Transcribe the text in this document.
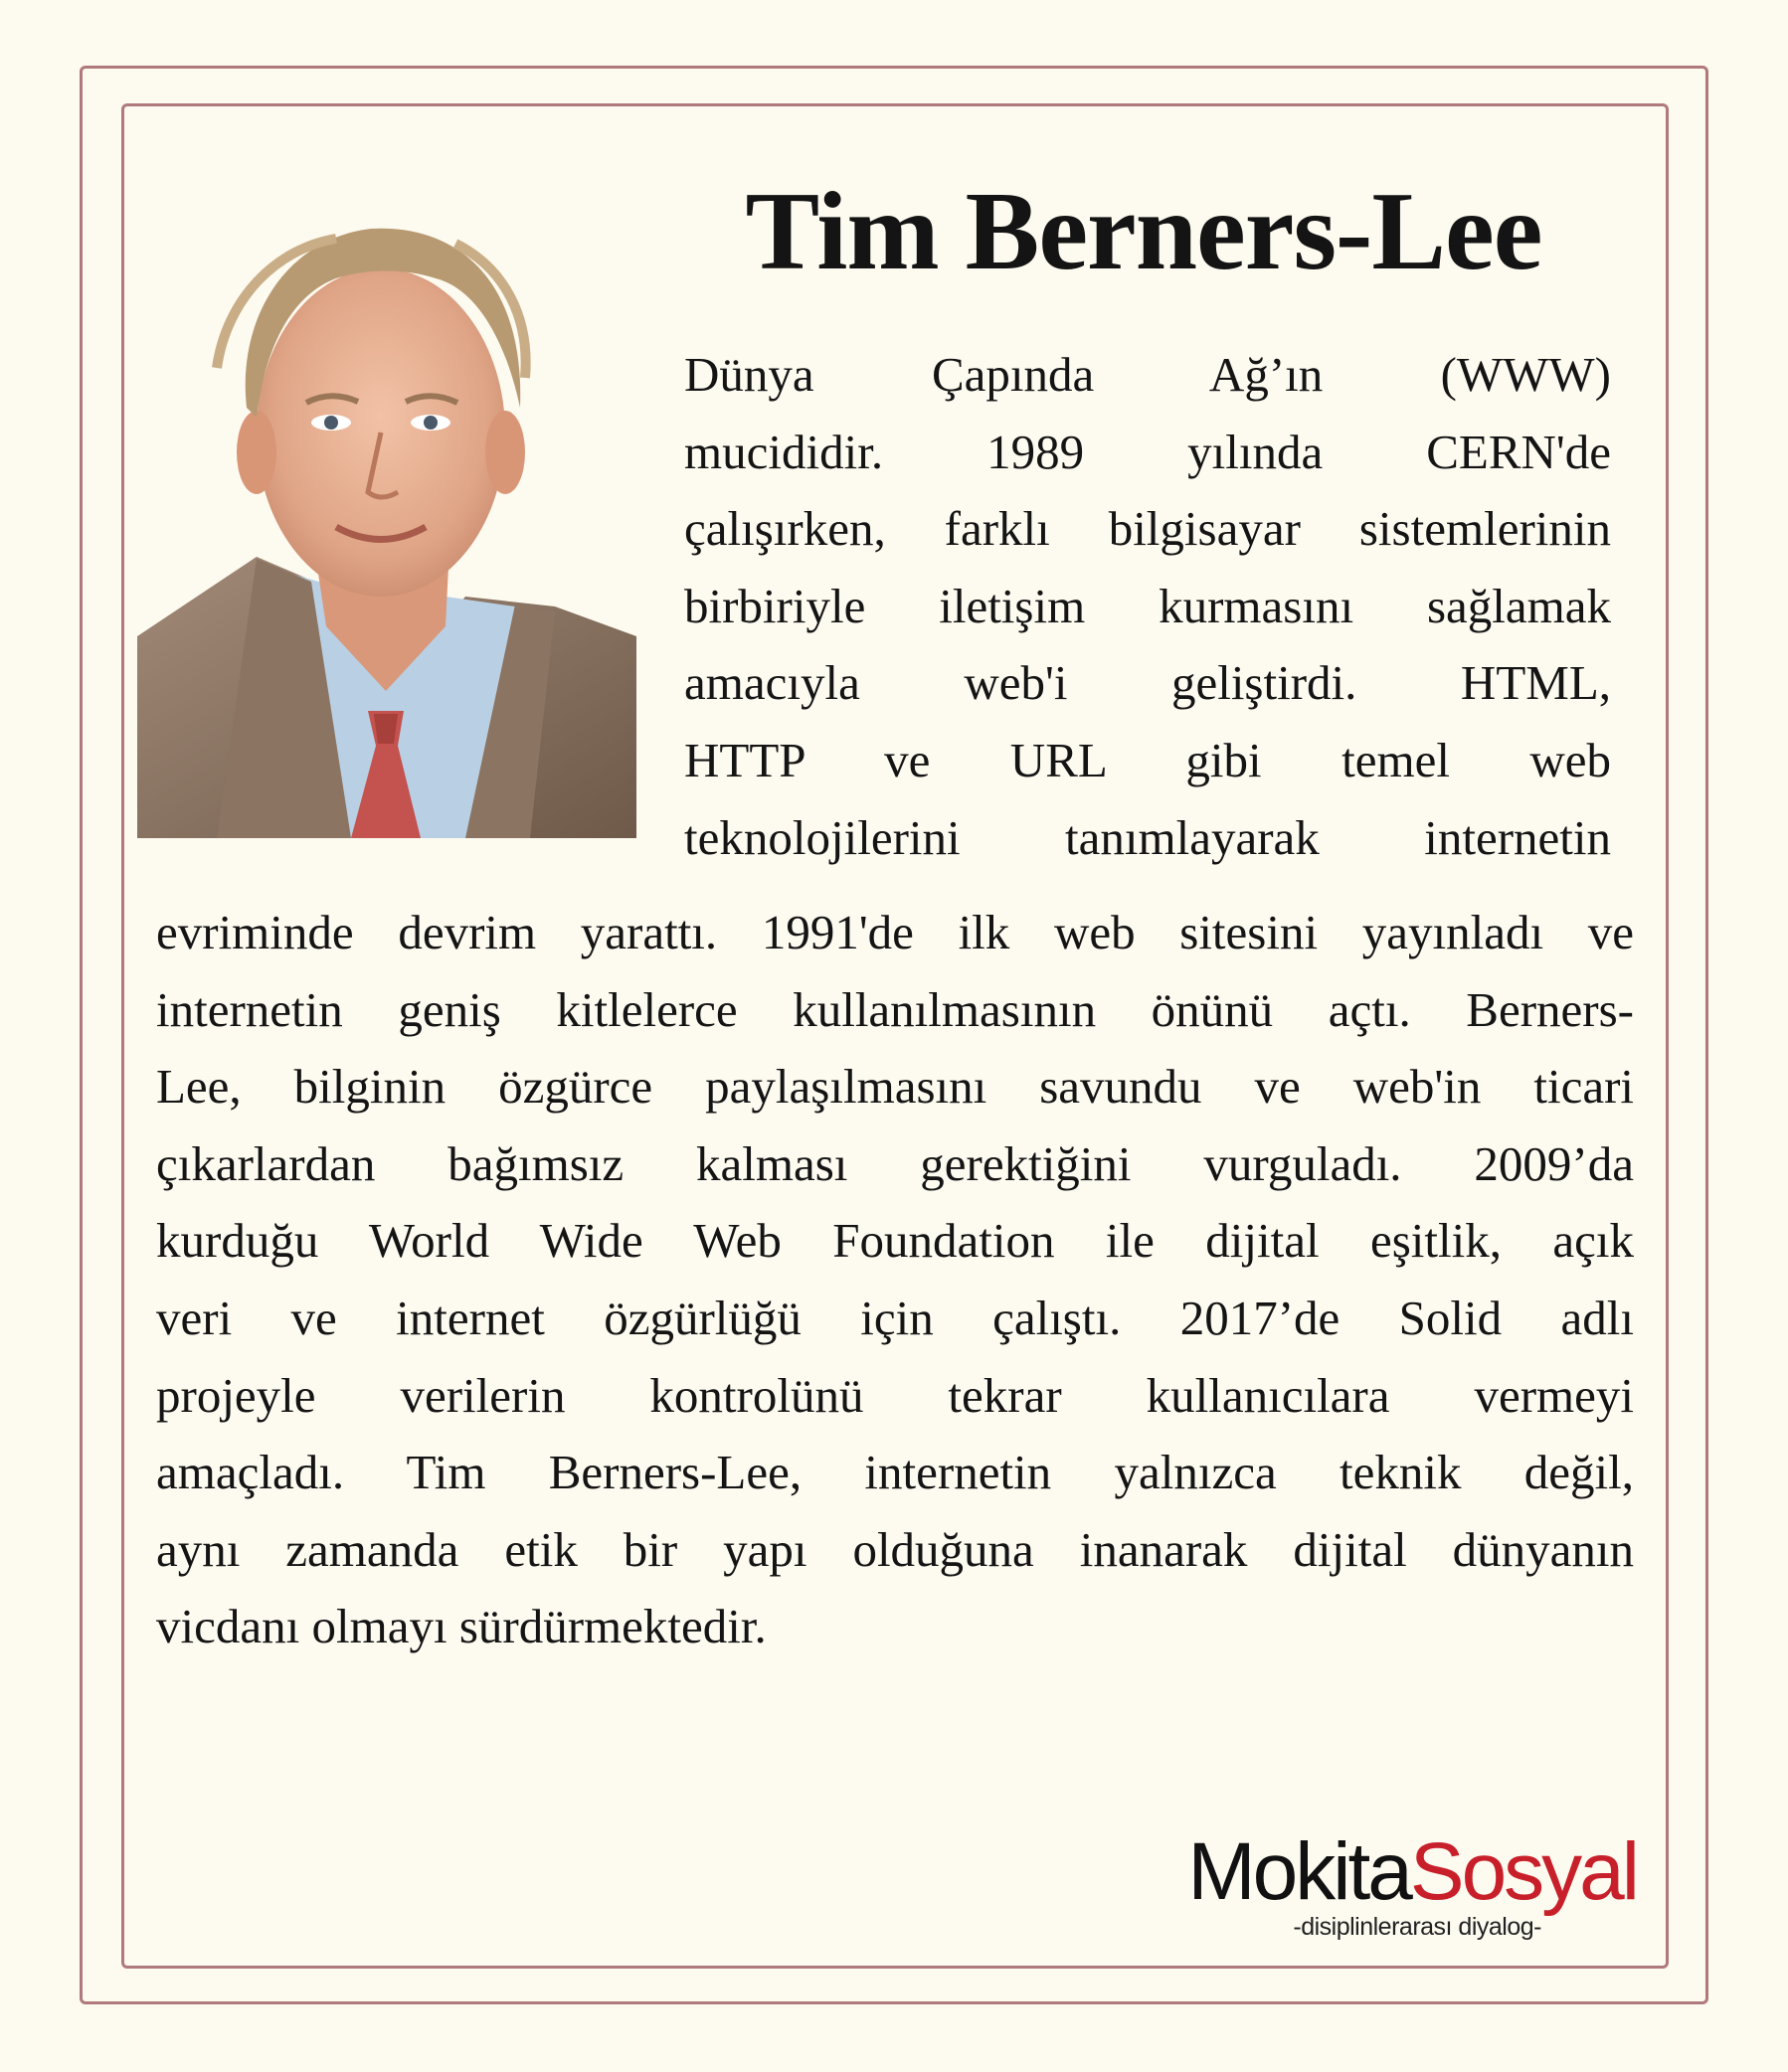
Tim Berners-Lee
Dünya Çapında Ağ’ın (WWW)
mucididir. 1989 yılında CERN'de
çalışırken, farklı bilgisayar sistemlerinin
birbiriyle iletişim kurmasını sağlamak
amacıyla web'i geliştirdi. HTML,
HTTP ve URL gibi temel web
teknolojilerini tanımlayarak internetin
evriminde devrim yarattı. 1991'de ilk web sitesini yayınladı ve
internetin geniş kitlelerce kullanılmasının önünü açtı. Berners-
Lee, bilginin özgürce paylaşılmasını savundu ve web'in ticari
çıkarlardan bağımsız kalması gerektiğini vurguladı. 2009’da
kurduğu World Wide Web Foundation ile dijital eşitlik, açık
veri ve internet özgürlüğü için çalıştı. 2017’de Solid adlı
projeyle verilerin kontrolünü tekrar kullanıcılara vermeyi
amaçladı. Tim Berners-Lee, internetin yalnızca teknik değil,
aynı zamanda etik bir yapı olduğuna inanarak dijital dünyanın
vicdanı olmayı sürdürmektedir.
MokitaSosyal
-disiplinlerarası diyalog-
